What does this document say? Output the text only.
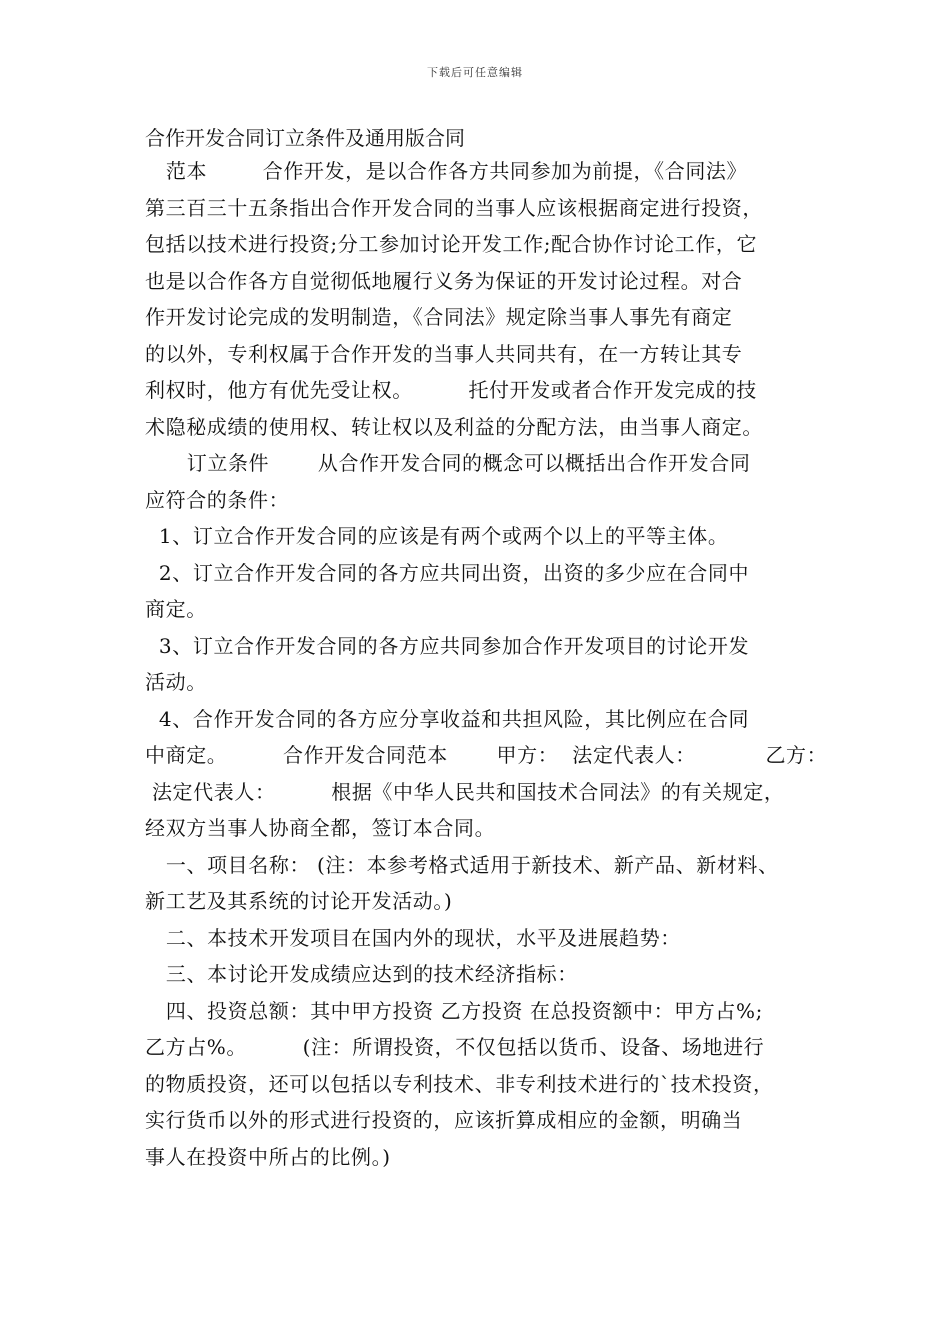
下载后可任意编辑
合作开发合同订立条件及通用版合同

范本        合作开发，是以合作各方共同参加为前提，《合同法》

第三百三十五条指出合作开发合同的当事人应该根据商定进行投资，

包括以技术进行投资;分工参加讨论开发工作;配合协作讨论工作，它

也是以合作各方自觉彻低地履行义务为保证的开发讨论过程。对合

作开发讨论完成的发明制造，《合同法》规定除当事人事先有商定

的以外，专利权属于合作开发的当事人共同共有，在一方转让其专

利权时，他方有优先受让权。        托付开发或者合作开发完成的技

术隐秘成绩的使用权、转让权以及利益的分配方法，由当事人商定。

订立条件       从合作开发合同的概念可以概括出合作开发合同

应符合的条件：

1、订立合作开发合同的应该是有两个或两个以上的平等主体。

2、订立合作开发合同的各方应共同出资，出资的多少应在合同中

商定。

3、订立合作开发合同的各方应共同参加合作开发项目的讨论开发

活动。

4、合作开发合同的各方应分享收益和共担风险，其比例应在合同

中商定。        合作开发合同范本       甲方：  法定代表人：          乙方：

法定代表人：        根据《中华人民共和国技术合同法》的有关规定，

经双方当事人协商全都，签订本合同。

一、项目名称： (注：本参考格式适用于新技术、新产品、新材料、

新工艺及其系统的讨论开发活动。)

二、本技术开发项目在国内外的现状，水平及进展趋势：

三、本讨论开发成绩应达到的技术经济指标：

四、投资总额：其中甲方投资 乙方投资 在总投资额中：甲方占%;

乙方占%。        (注：所谓投资，不仅包括以货币、设备、场地进行

的物质投资，还可以包括以专利技术、非专利技术进行的`技术投资，

实行货币以外的形式进行投资的，应该折算成相应的金额，明确当

事人在投资中所占的比例。)
